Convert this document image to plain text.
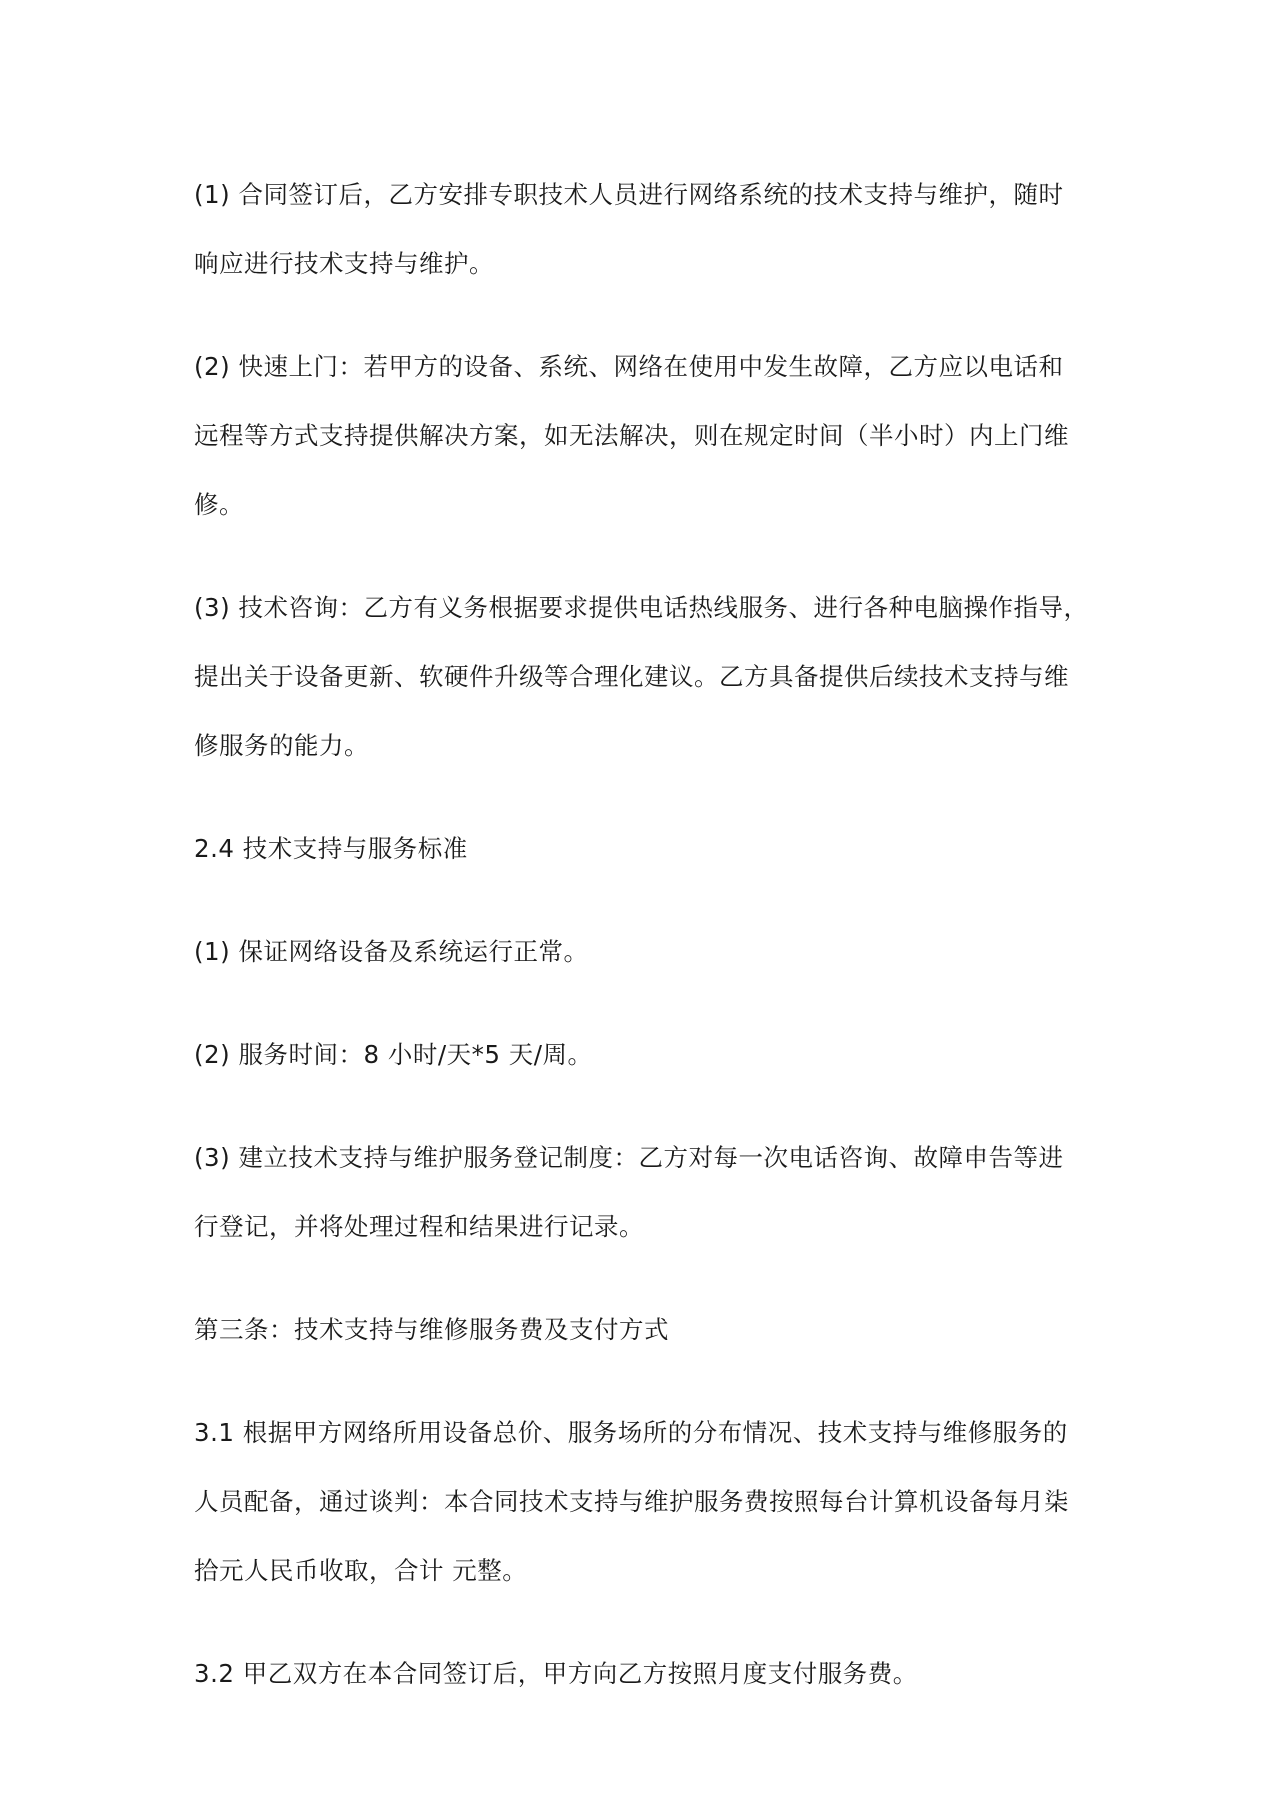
(1) 合同签订后，乙方安排专职技术人员进行网络系统的技术支持与维护，随时
响应进行技术支持与维护。

(2) 快速上门：若甲方的设备、系统、网络在使用中发生故障，乙方应以电话和
远程等方式支持提供解决方案，如无法解决，则在规定时间（半小时）内上门维
修。

(3) 技术咨询：乙方有义务根据要求提供电话热线服务、进行各种电脑操作指导，
提出关于设备更新、软硬件升级等合理化建议。乙方具备提供后续技术支持与维
修服务的能力。

2.4 技术支持与服务标准

(1) 保证网络设备及系统运行正常。

(2) 服务时间：8 小时/天*5 天/周。

(3) 建立技术支持与维护服务登记制度：乙方对每一次电话咨询、故障申告等进
行登记，并将处理过程和结果进行记录。

第三条：技术支持与维修服务费及支付方式

3.1 根据甲方网络所用设备总价、服务场所的分布情况、技术支持与维修服务的
人员配备，通过谈判：本合同技术支持与维护服务费按照每台计算机设备每月柒
拾元人民币收取，合计 元整。

3.2 甲乙双方在本合同签订后，甲方向乙方按照月度支付服务费。
